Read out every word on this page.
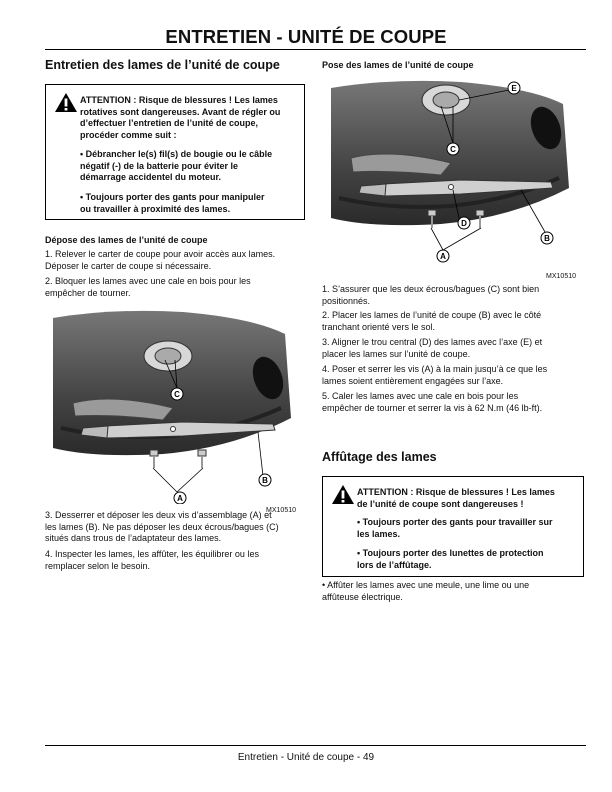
ENTRETIEN - UNITÉ DE COUPE
Entretien des lames de l’unité de coupe
ATTENTION : Risque de blessures ! Les lames
rotatives sont dangereuses. Avant de régler ou
d’effectuer l’entretien de l’unité de coupe,
procéder comme suit :
• Débrancher le(s) fil(s) de bougie ou le câble
négatif (-) de la batterie pour éviter le
démarrage accidentel du moteur.
• Toujours porter des gants pour manipuler
ou travailler à proximité des lames.
Dépose des lames de l’unité de coupe

1. Relever le carter de coupe pour avoir accès aux lames.
Déposer le carter de coupe si nécessaire.

2. Bloquer les lames avec une cale en bois pour les
empêcher de tourner.

C
A
B
MX10510

3. Desserrer et déposer les deux vis d’assemblage (A) et
les lames (B). Ne pas déposer les deux écrous/bagues (C)
situés dans trous de l’adaptateur des lames.

4. Inspecter les lames, les affûter, les équilibrer ou les
remplacer selon le besoin.

Pose des lames de l’unité de coupe
C
E
D
A
B
MX10510

1. S’assurer que les deux écrous/bagues (C) sont bien
positionnés.

2. Placer les lames de l’unité de coupe (B) avec le côté
tranchant orienté vers le sol.

3. Aligner le trou central (D) des lames avec l’axe (E) et
placer les lames sur l’unité de coupe.

4. Poser et serrer les vis (A) à la main jusqu’à ce que les
lames soient entièrement engagées sur l’axe.

5. Caler les lames avec une cale en bois pour les
empêcher de tourner et serrer la vis à 62 N.m (46 lb-ft).

Affûtage des lames
ATTENTION : Risque de blessures ! Les lames
de l’unité de coupe sont dangereuses !
• Toujours porter des gants pour travailler sur
les lames.
• Toujours porter des lunettes de protection
lors de l’affûtage.

• Affûter les lames avec une meule, une lime ou une
affûteuse électrique.

Entretien - Unité de coupe - 49
